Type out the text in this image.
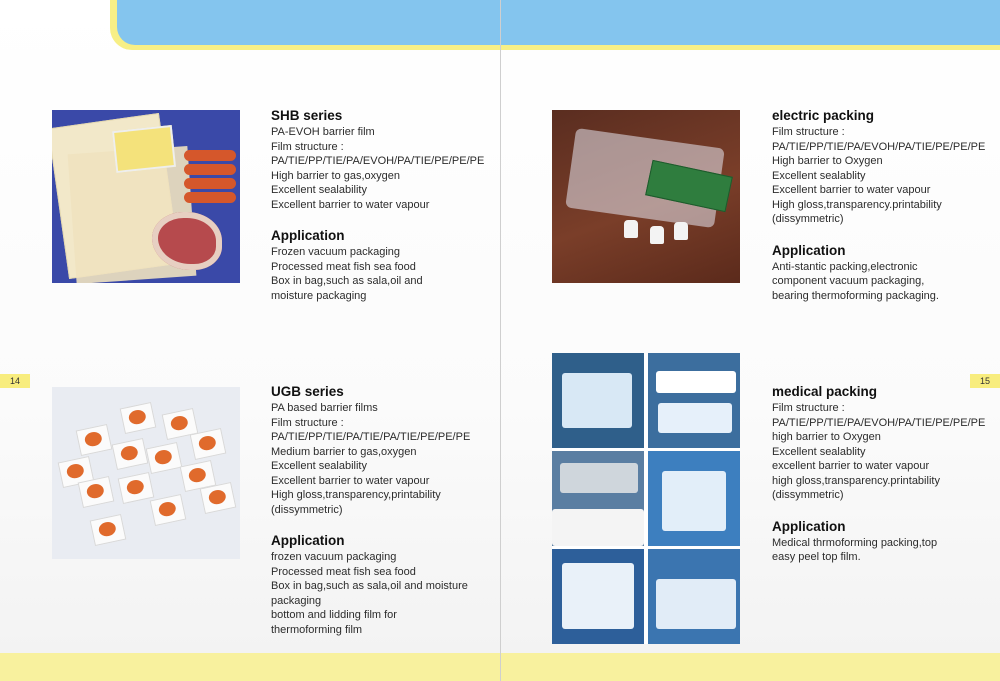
14	15
SHB series
PA-EVOH barrier film
Film structure :
PA/TIE/PP/TIE/PA/EVOH/PA/TIE/PE/PE/PE
High barrier to gas,oxygen
Excellent sealability
Excellent barrier to water vapour
Application
Frozen vacuum packaging
Processed meat fish sea food
Box in bag,such as sala,oil and
moisture packaging
UGB series
PA based barrier films
Film structure :
PA/TIE/PP/TIE/PA/TIE/PA/TIE/PE/PE/PE
Medium barrier to gas,oxygen
Excellent sealability
Excellent barrier to water vapour
High gloss,transparency,printability
(dissymmetric)
Application
frozen vacuum packaging
Processed meat fish sea food
Box in bag,such as sala,oil and moisture
packaging
bottom and lidding film for
thermoforming film
electric packing
Film structure :
PA/TIE/PP/TIE/PA/EVOH/PA/TIE/PE/PE/PE
High barrier to Oxygen
Excellent sealablity
Excellent barrier to water vapour
High gloss,transparency.printability
(dissymmetric)
Application
Anti-stantic packing,electronic
component vacuum packaging,
bearing thermoforming packaging.
medical packing
Film structure :
PA/TIE/PP/TIE/PA/EVOH/PA/TIE/PE/PE/PE
high barrier to Oxygen
Excellent sealablity
excellent barrier to water vapour
high gloss,transparency.printability
(dissymmetric)
Application
Medical thrmoforming packing,top
easy peel top film.
